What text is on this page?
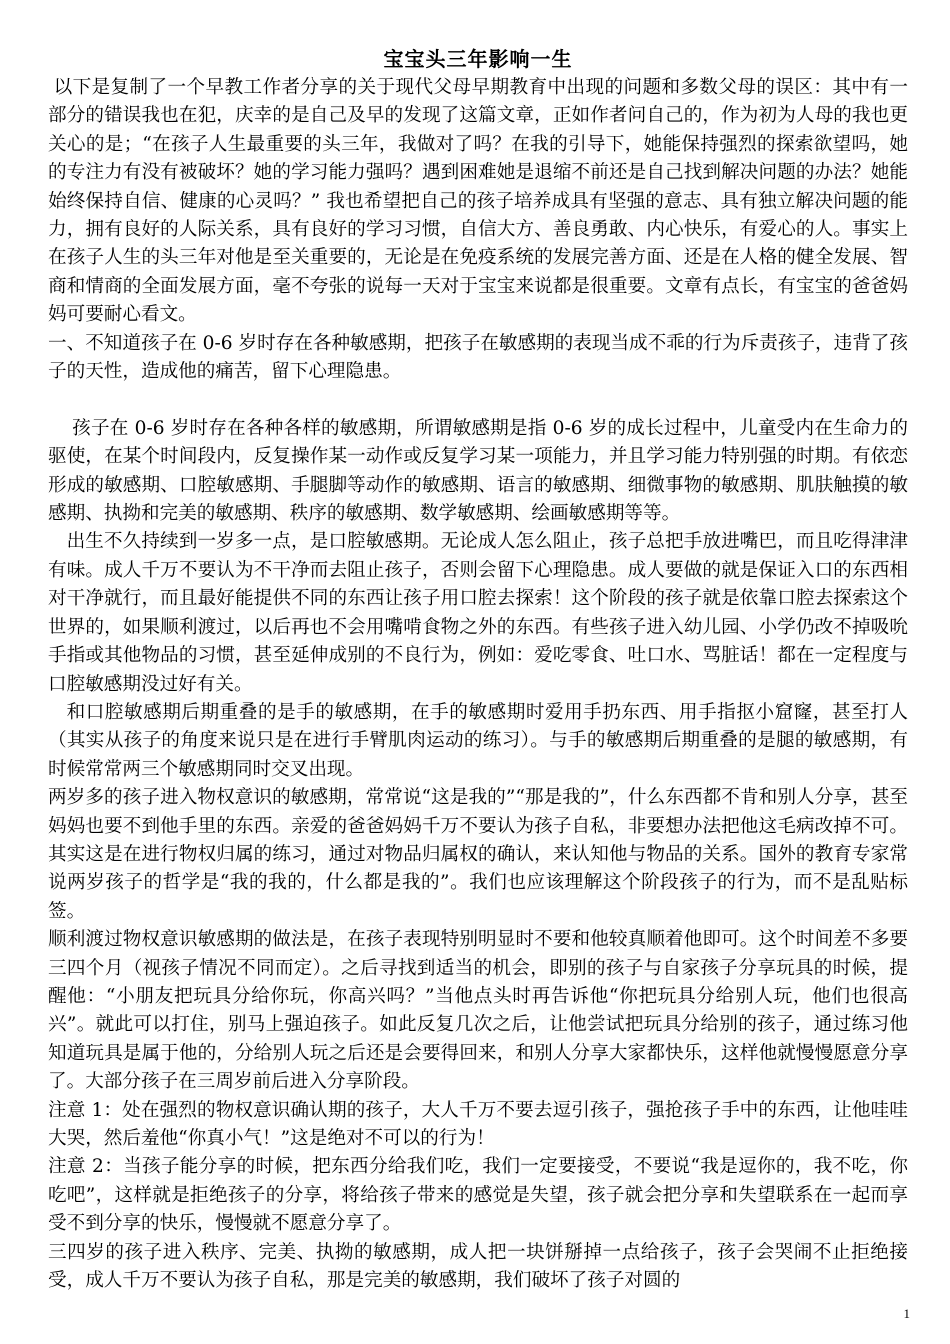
宝宝头三年影响一生

以下是复制了一个早教工作者分享的关于现代父母早期教育中出现的问题和多数父母的误区：其中有一部分的错误我也在犯，庆幸的是自己及早的发现了这篇文章，正如作者问自己的，作为初为人母的我也更关心的是；“在孩子人生最重要的头三年，我做对了吗？在我的引导下，她能保持强烈的探索欲望吗，她的专注力有没有被破坏？她的学习能力强吗？遇到困难她是退缩不前还是自己找到解决问题的办法？她能始终保持自信、健康的心灵吗？” 我也希望把自己的孩子培养成具有坚强的意志、具有独立解决问题的能力，拥有良好的人际关系，具有良好的学习习惯，自信大方、善良勇敢、内心快乐，有爱心的人。事实上在孩子人生的头三年对他是至关重要的，无论是在免疫系统的发展完善方面、还是在人格的健全发展、智商和情商的全面发展方面，毫不夸张的说每一天对于宝宝来说都是很重要。文章有点长，有宝宝的爸爸妈妈可要耐心看文。

一、不知道孩子在 0-6 岁时存在各种敏感期，把孩子在敏感期的表现当成不乖的行为斥责孩子，违背了孩子的天性，造成他的痛苦，留下心理隐患。

孩子在 0-6 岁时存在各种各样的敏感期，所谓敏感期是指 0-6 岁的成长过程中，儿童受内在生命力的驱使，在某个时间段内，反复操作某一动作或反复学习某一项能力，并且学习能力特别强的时期。有依恋形成的敏感期、口腔敏感期、手腿脚等动作的敏感期、语言的敏感期、细微事物的敏感期、肌肤触摸的敏感期、执拗和完美的敏感期、秩序的敏感期、数学敏感期、绘画敏感期等等。

出生不久持续到一岁多一点，是口腔敏感期。无论成人怎么阻止，孩子总把手放进嘴巴，而且吃得津津有味。成人千万不要认为不干净而去阻止孩子，否则会留下心理隐患。成人要做的就是保证入口的东西相对干净就行，而且最好能提供不同的东西让孩子用口腔去探索！这个阶段的孩子就是依靠口腔去探索这个世界的，如果顺利渡过，以后再也不会用嘴啃食物之外的东西。有些孩子进入幼儿园、小学仍改不掉吸吮手指或其他物品的习惯，甚至延伸成别的不良行为，例如：爱吃零食、吐口水、骂脏话！都在一定程度与口腔敏感期没过好有关。

和口腔敏感期后期重叠的是手的敏感期，在手的敏感期时爱用手扔东西、用手指抠小窟窿，甚至打人（其实从孩子的角度来说只是在进行手臂肌肉运动的练习）。与手的敏感期后期重叠的是腿的敏感期，有时候常常两三个敏感期同时交叉出现。

两岁多的孩子进入物权意识的敏感期，常常说“这是我的”“那是我的”，什么东西都不肯和别人分享，甚至妈妈也要不到他手里的东西。亲爱的爸爸妈妈千万不要认为孩子自私，非要想办法把他这毛病改掉不可。其实这是在进行物权归属的练习，通过对物品归属权的确认，来认知他与物品的关系。国外的教育专家常说两岁孩子的哲学是“我的我的，什么都是我的”。我们也应该理解这个阶段孩子的行为，而不是乱贴标签。

顺利渡过物权意识敏感期的做法是，在孩子表现特别明显时不要和他较真顺着他即可。这个时间差不多要三四个月（视孩子情况不同而定）。之后寻找到适当的机会，即别的孩子与自家孩子分享玩具的时候，提醒他：“小朋友把玩具分给你玩，你高兴吗？”当他点头时再告诉他“你把玩具分给别人玩，他们也很高兴”。就此可以打住，别马上强迫孩子。如此反复几次之后，让他尝试把玩具分给别的孩子，通过练习他知道玩具是属于他的，分给别人玩之后还是会要得回来，和别人分享大家都快乐，这样他就慢慢愿意分享了。大部分孩子在三周岁前后进入分享阶段。

注意 1：处在强烈的物权意识确认期的孩子，大人千万不要去逗引孩子，强抢孩子手中的东西，让他哇哇大哭，然后羞他“你真小气！”这是绝对不可以的行为！

注意 2：当孩子能分享的时候，把东西分给我们吃，我们一定要接受，不要说“我是逗你的，我不吃，你吃吧”，这样就是拒绝孩子的分享，将给孩子带来的感觉是失望，孩子就会把分享和失望联系在一起而享受不到分享的快乐，慢慢就不愿意分享了。

三四岁的孩子进入秩序、完美、执拗的敏感期，成人把一块饼掰掉一点给孩子，孩子会哭闹不止拒绝接受，成人千万不要认为孩子自私，那是完美的敏感期，我们破坏了孩子对圆的

1
